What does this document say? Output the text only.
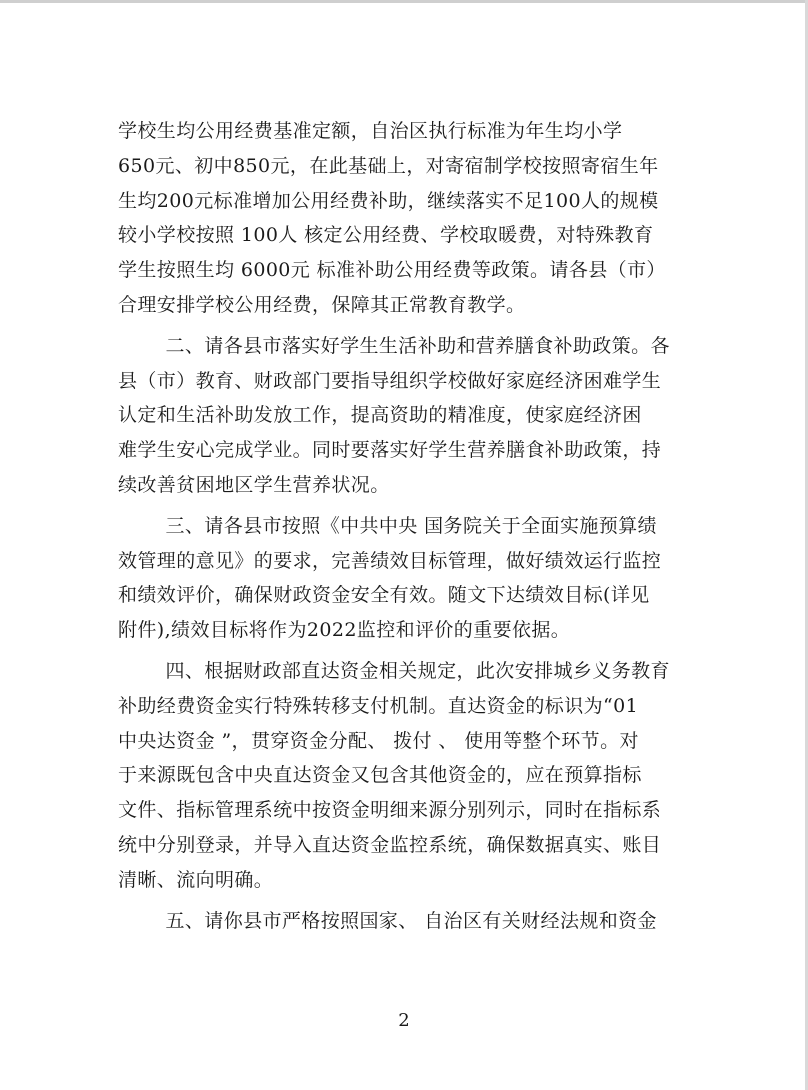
学校生均公用经费基准定额，自治区执行标准为年生均小学
650元、初中850元，在此基础上，对寄宿制学校按照寄宿生年
生均200元标准增加公用经费补助，继续落实不足100人的规模
较小学校按照 100人 核定公用经费、学校取暖费，对特殊教育
学生按照生均 6000元 标准补助公用经费等政策。请各县（市）
合理安排学校公用经费，保障其正常教育教学。

二、请各县市落实好学生生活补助和营养膳食补助政策。各
县（市）教育、财政部门要指导组织学校做好家庭经济困难学生
认定和生活补助发放工作，提高资助的精准度，使家庭经济困
难学生安心完成学业。同时要落实好学生营养膳食补助政策，持
续改善贫困地区学生营养状况。

三、请各县市按照《中共中央 国务院关于全面实施预算绩
效管理的意见》的要求，完善绩效目标管理，做好绩效运行监控
和绩效评价，确保财政资金安全有效。随文下达绩效目标(详见
附件),绩效目标将作为2022监控和评价的重要依据。

四、根据财政部直达资金相关规定，此次安排城乡义务教育
补助经费资金实行特殊转移支付机制。直达资金的标识为“01
中央达资金 ”，贯穿资金分配、 拨付 、 使用等整个环节。对
于来源既包含中央直达资金又包含其他资金的，应在预算指标
文件、指标管理系统中按资金明细来源分别列示，同时在指标系
统中分别登录，并导入直达资金监控系统，确保数据真实、账目
清晰、流向明确。

五、请你县市严格按照国家、 自治区有关财经法规和资金

2
